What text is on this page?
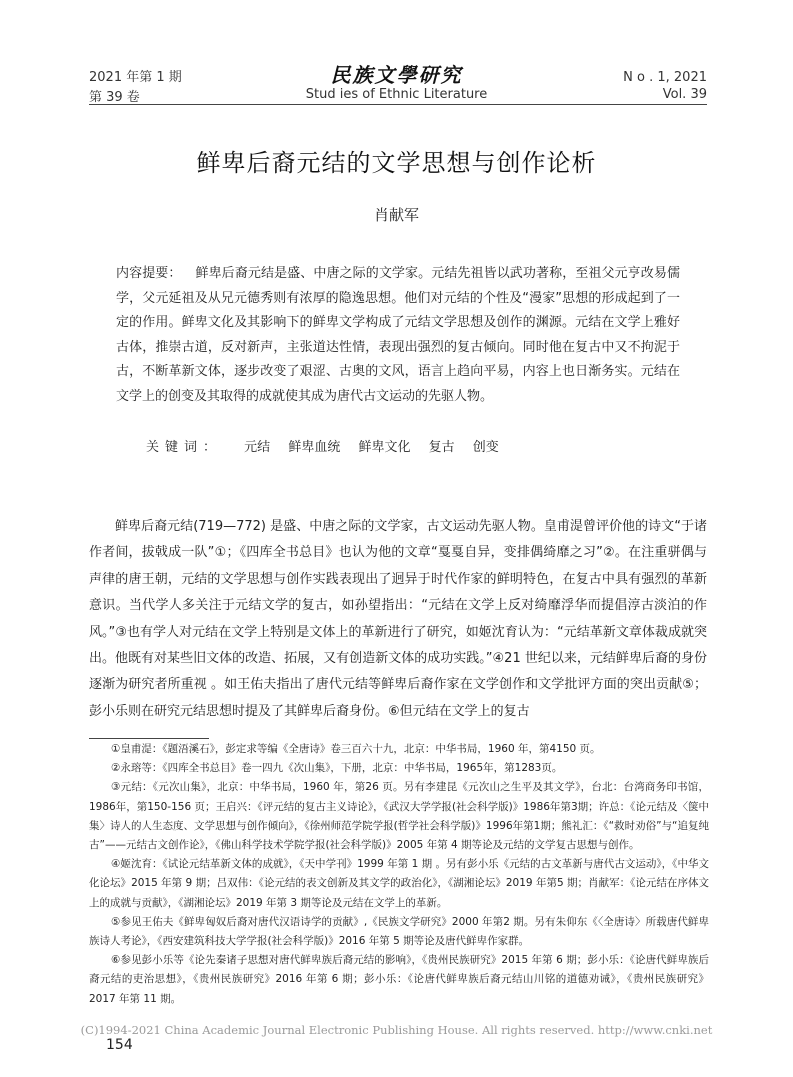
2021 年第 1 期
第 39 卷
民族文學研究
Stud ies of Ethnic Literature
N o . 1, 2021
Vol. 39
鲜卑后裔元结的文学思想与创作论析
肖献军
内容提要： 鲜卑后裔元结是盛、中唐之际的文学家。元结先祖皆以武功著称，至祖父元亨改易儒学，父元延祖及从兄元德秀则有浓厚的隐逸思想。他们对元结的个性及“漫家”思想的形成起到了一定的作用。鲜卑文化及其影响下的鲜卑文学构成了元结文学思想及创作的渊源。元结在文学上雅好古体，推崇古道，反对新声，主张道达性情，表现出强烈的复古倾向。同时他在复古中又不拘泥于古，不断革新文体，逐步改变了艰涩、古奥的文风，语言上趋向平易，内容上也日渐务实。元结在文学上的创变及其取得的成就使其成为唐代古文运动的先驱人物。
关键词： 元结 鲜卑血统 鲜卑文化 复古 创变
鲜卑后裔元结(719—772) 是盛、中唐之际的文学家，古文运动先驱人物。皇甫湜曾评价他的诗文“于诸作者间，拔戟成一队”①；《四库全书总目》也认为他的文章“戛戛自异，变排偶绮靡之习”②。在注重骈偶与声律的唐王朝，元结的文学思想与创作实践表现出了迥异于时代作家的鲜明特色，在复古中具有强烈的革新意识。当代学人多关注于元结文学的复古，如孙望指出：“元结在文学上反对绮靡浮华而提倡淳古淡泊的作风。”③也有学人对元结在文学上特别是文体上的革新进行了研究，如姬沈育认为：“元结革新文章体裁成就突出。他既有对某些旧文体的改造、拓展，又有创造新文体的成功实践。”④21 世纪以来，元结鲜卑后裔的身份逐渐为研究者所重视 。如王佑夫指出了唐代元结等鲜卑后裔作家在文学创作和文学批评方面的突出贡献⑤；彭小乐则在研究元结思想时提及了其鲜卑后裔身份。⑥但元结在文学上的复古
①皇甫湜：《题浯溪石》，彭定求等编《全唐诗》卷三百六十九，北京：中华书局，1960 年，第4150 页。
②永瑢等：《四库全书总目》卷一四九《次山集》，下册，北京：中华书局，1965年，第1283页。
③元结：《元次山集》，北京：中华书局，1960 年，第26 页。另有李建昆《元次山之生平及其文学》，台北：台湾商务印书馆，1986年，第150-156 页；王启兴：《评元结的复古主义诗论》，《武汉大学学报(社会科学版)》1986年第3期；许总：《论元结及〈箧中集〉诗人的人生态度、文学思想与创作倾向》，《徐州师范学院学报(哲学社会科学版)》1996年第1期；熊礼汇：《“救时劝俗”与“追复纯古”——元结古文创作论》，《佛山科学技术学院学报(社会科学版)》2005 年第 4 期等论及元结的文学复古思想与创作。
④姬沈育：《试论元结革新文体的成就》，《天中学刊》1999 年第 1 期 。另有彭小乐《元结的古文革新与唐代古文运动》，《中华文化论坛》2015 年第 9 期；吕双伟：《论元结的表文创新及其文学的政治化》，《湖湘论坛》2019 年第5 期；肖献军：《论元结在序体文上的成就与贡献》，《湖湘论坛》2019 年第 3 期等论及元结在文学上的革新。
⑤参见王佑夫《鲜卑匈奴后裔对唐代汉语诗学的贡献》,《民族文学研究》2000 年第2 期。另有朱仰东《〈全唐诗〉所载唐代鲜卑族诗人考论》，《西安建筑科技大学学报(社会科学版)》2016 年第 5 期等论及唐代鲜卑作家群。
⑥参见彭小乐等《论先秦诸子思想对唐代鲜卑族后裔元结的影响》，《贵州民族研究》2015 年第 6 期；彭小乐：《论唐代鲜卑族后裔元结的吏治思想》，《贵州民族研究》2016 年第 6 期；彭小乐：《论唐代鲜卑族后裔元结山川铭的道德劝诫》，《贵州民族研究》2017 年第 11 期。
(C)1994-2021 China Academic Journal Electronic Publishing House. All rights reserved. http://www.cnki.net
154
